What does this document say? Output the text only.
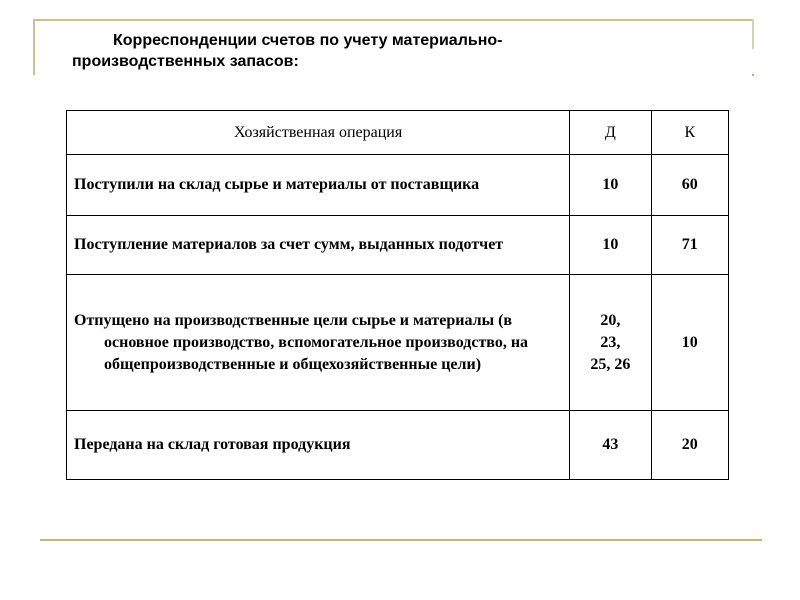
Корреспонденции счетов по учету материально-
производственных запасов:
Хозяйственная операция	Д	К

Поступили на склад сырье и материалы от поставщика	10	60

Поступление материалов за счет сумм, выданных подотчет	10	71

Отпущено на производственные цели сырье и материалы (в основное производство, вспомогательное производство, на общепроизводственные и общехозяйственные цели)	20,
23,
25, 26	10

Передана на склад готовая продукция	43	20
